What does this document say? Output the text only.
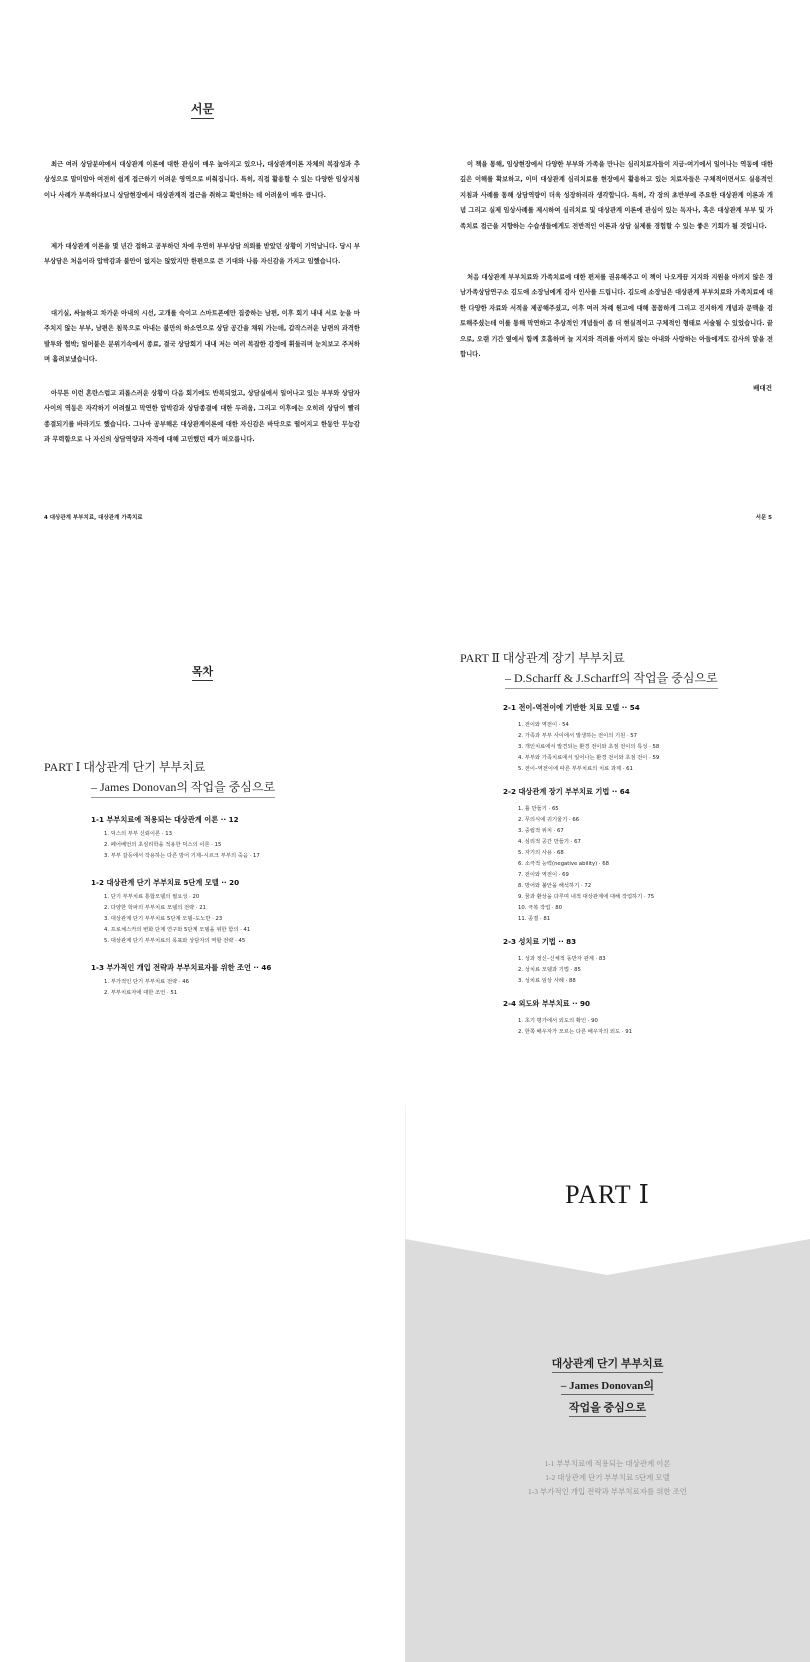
서문

최근 여러 상담분야에서 대상관계 이론에 대한 관심이 매우 높아지고 있으나, 대상관계이론 자체의 복잡성과 추상성으로 말미암아 여전히 쉽게 접근하기 어려운 영역으로 비춰집니다. 특히, 직접 활용할 수 있는 다양한 임상지침이나 사례가 부족하다보니 상담현장에서 대상관계적 접근을 취하고 확인하는 데 어려움이 매우 큽니다.

제가 대상관계 이론을 몇 년간 접하고 공부하던 차에 우연히 부부상담 의뢰를 받았던 상황이 기억납니다. 당시 부부상담은 처음이라 압박감과 불안이 없지는 않았지만 한편으로 큰 기대와 나름 자신감을 가지고 임했습니다.

대기실, 싸늘하고 차가운 아내의 시선, 고개를 숙이고 스마트폰에만 집중하는 남편, 이후 회기 내내 서로 눈을 마주치지 않는 부부, 남편은 침묵으로 아내는 불만의 하소연으로 상담 공간을 채워 가는데, 갑작스러운 남편의 과격한 발투와 협박; 얼어붙은 분위기속에서 종료, 결국 상담회기 내내 저는 여러 복잡한 감정에 휘둘리며 눈치보고 주저하며 흘려보냈습니다.

아무튼 이런 혼란스럽고 괴롭스러운 상황이 다음 회기에도 반복되었고, 상담실에서 일어나고 있는 부부와 상담자 사이의 역동은 자각하기 어려웠고 막연한 압박감과 상담종결에 대한 두려움, 그리고 이후에는 오히려 상담이 빨리 종결되기를 바라기도 했습니다. 그나마 공부해온 대상관계이론에 대한 자신감은 바닥으로 떨어지고 한동안 무능감과 무력함으로 나 자신의 상담역량과 자격에 대해 고민했던 때가 떠오릅니다.

이 책을 통해, 임상현장에서 다양한 부부와 가족을 만나는 심리치료자들이 지금-여기에서 일어나는 역동에 대한 깊은 이해를 확보하고, 이미 대상관계 심리치료를 현장에서 활용하고 있는 치료자들은 구체적이면서도 실용적인 지침과 사례를 통해 상담역량이 더욱 성장하리라 생각합니다. 특히, 각 장의 초반부에 주요한 대상관계 이론과 개념 그리고 실제 임상사례를 제시하여 심리치료 및 대상관계 이론에 관심이 있는 독자나, 혹은 대상관계 부부 및 가족치료 접근을 지향하는 수습생들에게도 전반적인 이론과 상담 실제를 경험할 수 있는 좋은 기회가 될 것입니다.

처음 대상관계 부부치료와 가족치료에 대한 편저를 권유해주고 이 책이 나오게끔 지지와 지원을 아끼지 않은 경남가족상담연구소 김도애 소장님에게 감사 인사를 드립니다. 김도애 소장님은 대상관계 부부치료와 가족치료에 대한 다양한 자료와 서적을 제공해주셨고, 이후 여러 차례 원고에 대해 꼼꼼하게 그리고 진지하게 개념과 문맥을 검토해주셨는데 이를 통해 막연하고 추상적인 개념들이 좀 더 현실적이고 구체적인 형태로 서술될 수 있었습니다. 끝으로, 오랜 기간 옆에서 함께 호흡하며 늘 지지와 격려를 아끼지 않는 아내와 사랑하는 아들에게도 감사의 말을 전합니다.

배대건
4 대상관계 부부치료, 대상관계 가족치료	서문 5
목차
PART Ⅰ 대상관계 단기 부부치료
– James Donovan의 작업을 중심으로
1-1 부부치료에 적용되는 대상관계 이론 ·· 12
1. 딕스의 부부 신뢰이론 · 13
2. 페어베언의 초심리학을 적용한 딕스의 이론 · 15
3. 부부 갈등에서 작용하는 다른 방어 기제–시르크 부부의 죽음 · 17
1-2 대상관계 단기 부부치료 5단계 모델 ·· 20
1. 단기 부부치료 통합모델의 필요성 · 20
2. 다양한 학파의 부부치료 모델의 전략 · 21
3. 대상관계 단기 부부치료 5단계 모델–도노반 · 23
4. 프로체스카의 변화 단계 연구와 5단계 모델을 위한 함의 · 41
5. 대상관계 단기 부부치료의 목표와 상담자의 역할 전략 · 45
1-3 부가적인 개입 전략과 부부치료자를 위한 조언 ·· 46
1. 부가적인 단기 부부치료 전략 · 46
2. 부부치료자에 대한 조언 · 51
PART Ⅱ 대상관계 장기 부부치료
– D.Scharff & J.Scharff의 작업을 중심으로
2-1 전이-역전이에 기반한 치료 모델 ·· 54
1. 전이와 역전이 · 54
2. 가족과 부부 사이에서 발생하는 전이의 기원 · 57
3. 개인치료에서 발견되는 환경 전이와 초점 전이의 특성 · 58
4. 부부와 가족치료에서 일어나는 환경 전이와 초점 전이 · 59
5. 전이–역전이에 따른 부부치료의 치료 과제 · 61
2-2 대상관계 장기 부부치료 기법 ·· 64
1. 틀 만들기 · 65
2. 무의식에 귀기울기 · 66
3. 중립적 위치 · 67
4. 심리적 공간 만들기 · 67
5. 자기의 사용 · 68
6. 소극적 능력(negative ability) · 68
7. 전이와 역전이 · 69
8. 방어와 불안을 해석하기 · 72
9. 꿈과 환상을 다루며 내적 대상관계에 대해 작업하기 · 75
10. 극복 작업 · 80
11. 종결 · 81
2-3 성치료 기법 ·· 83
1. 성과 정신–신체적 동반자 관계 · 83
2. 성치료 모델과 기법 · 85
3. 성치료 임상 사례 · 88
2-4 외도와 부부치료 ·· 90
1. 초기 평가에서 외도의 확인 · 90
2. 한쪽 배우자가 모르는 다른 배우자의 외도 · 91
PART Ⅰ
대상관계 단기 부부치료
– James Donovan의
작업을 중심으로
1-1 부부치료에 적용되는 대상관계 이론
1-2 대상관계 단기 부부치료 5단계 모델
1-3 부가적인 개입 전략과 부부치료자를 위한 조언
